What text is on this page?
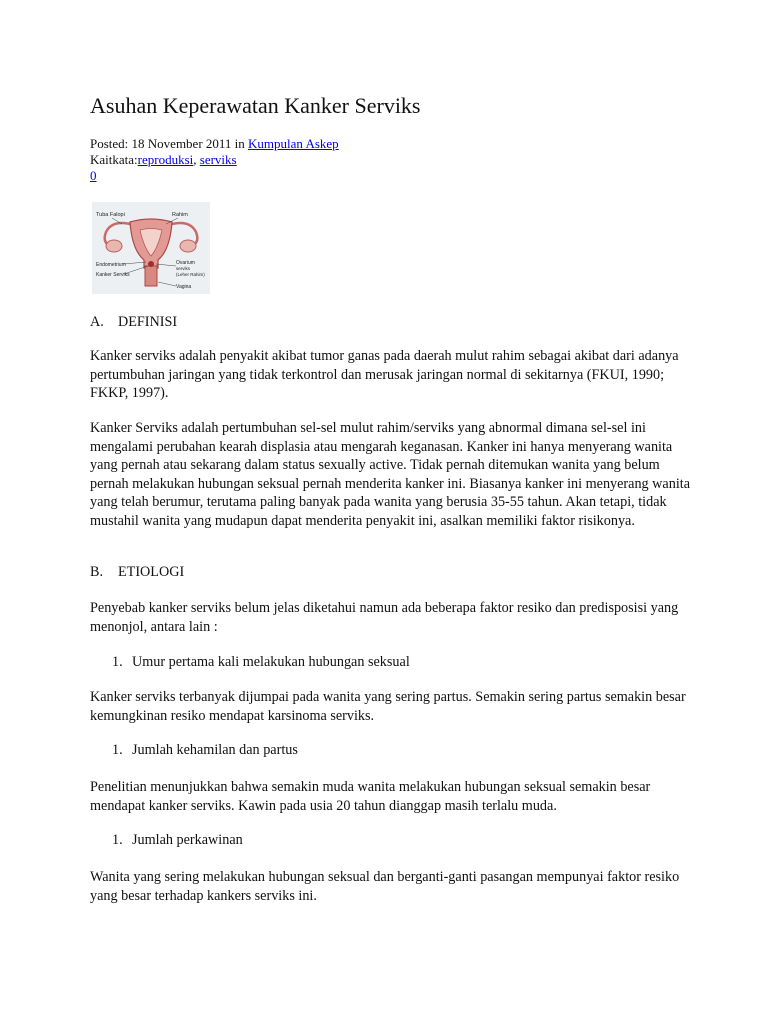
Asuhan Keperawatan Kanker Serviks
Posted: 18 November 2011 in Kumpulan Askep
Kaitkata:reproduksi, serviks
0
Tuba Falopi	Rahim
Endometrium	Ovarium
serviks
(Leher Rahim)
Kanker Serviks
Vagina
A. DEFINISI

Kanker serviks adalah penyakit akibat tumor ganas pada daerah mulut rahim sebagai akibat dari adanya pertumbuhan jaringan yang tidak terkontrol dan merusak jaringan normal di sekitarnya (FKUI, 1990; FKKP, 1997).

Kanker Serviks adalah pertumbuhan sel-sel mulut rahim/serviks yang abnormal dimana sel-sel ini mengalami perubahan kearah displasia atau mengarah keganasan. Kanker ini hanya menyerang wanita yang pernah atau sekarang dalam status sexually active. Tidak pernah ditemukan wanita yang belum pernah melakukan hubungan seksual pernah menderita kanker ini. Biasanya kanker ini menyerang wanita yang telah berumur, terutama paling banyak pada wanita yang berusia 35-55 tahun. Akan tetapi, tidak mustahil wanita yang mudapun dapat menderita penyakit ini, asalkan memiliki faktor risikonya.

B. ETIOLOGI

Penyebab kanker serviks belum jelas diketahui namun ada beberapa faktor resiko dan predisposisi yang menonjol, antara lain :

1. Umur pertama kali melakukan hubungan seksual

Kanker serviks terbanyak dijumpai pada wanita yang sering partus. Semakin sering partus semakin besar kemungkinan resiko mendapat karsinoma serviks.

1. Jumlah kehamilan dan partus

Penelitian menunjukkan bahwa semakin muda wanita melakukan hubungan seksual semakin besar mendapat kanker serviks. Kawin pada usia 20 tahun dianggap masih terlalu muda.

1. Jumlah perkawinan

Wanita yang sering melakukan hubungan seksual dan berganti-ganti pasangan mempunyai faktor resiko yang besar terhadap kankers serviks ini.
